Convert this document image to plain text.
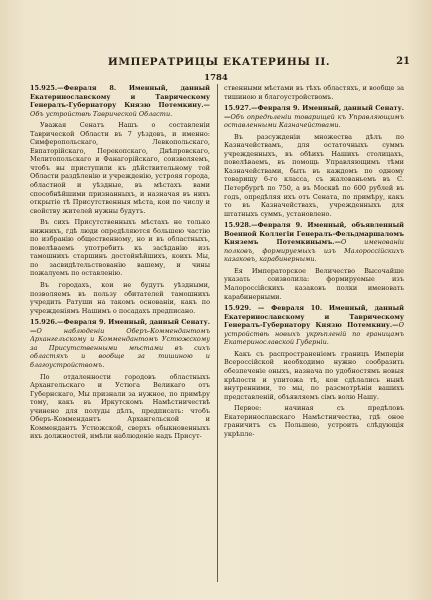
ИМПЕРАТРИЦЫ ЕКАТЕРИНЫ II.	21
1784

15.925.—Февраля 8. Именный, данный Екатеринославскому и Таврическому Генералъ-Губернатору Князю Потемкину.—Объ устройствѣ Таврической Области.

Уважая Сенатъ Нашъ о составленіи Таврической Области въ 7 уѣздовъ, и именно: Симферопольскаго, Левкопольскаго, Евпаторійскаго, Перекопскаго, Днѣпровскаго, Мелитопольскаго и Фанагорійскаго, соизволяемъ, чтобъ вы приступили къ дѣйствительному той Области раздѣленію и учрежденію, устрояя города, областной и уѣздные, въ мѣстахъ вами способнѣйшими признанныхъ, и назначая въ нихъ открытіе тѣ Присутственныя мѣста, кои по числу и свойству жителей нужны будутъ.

Въ сихъ Присутственныхъ мѣстахъ не только нижнихъ, гдѣ люди опредѣляются большею частію по избранію общественному, но и въ областныхъ, повелѣваемъ употребить къ засѣданію изъ тамошнихъ старшинъ достойнѣйшихъ, коихъ Мы, по засвидѣтельствованію вашему, и чины пожалуемъ по оставленію.

Въ городахъ, кои не будутъ уѣздными, позволяемъ въ пользу обитателей тамошнихъ учредить Ратуши на такомъ основаніи, какъ по учрежденіямъ Нашимъ о посадахъ предписано.

15.926.—Февраля 9. Именный, данный Сенату.—О наблюденіи Оберъ-Коммендантомъ Архангельскому и Коммендантомъ Устюжскому за Присутственными мѣстами въ сихъ областяхъ и вообще за тишиною и благоустройствомъ.

По отдаленности городовъ областныхъ Архангельскаго и Устюга Великаго отъ Губернскаго, Мы признали за нужное, по примѣру тому, какъ въ Иркутскомъ Намѣстничествѣ учинено для полуды дѣлъ, предписать: чтобъ Оберъ-Коммендантъ Архангельской и Коммендантъ Устюжской, сверхъ обыкновенныхъ ихъ должностей, имѣли наблюденіе надъ Присут-

ственными мѣстами въ тѣхъ областяхъ, и вообще за тишиною и благоустройствомъ.

15.927.—Февраля 9. Именный, данный Сенату.—Объ опредѣленіи товарищей къ Управляющимъ оставленными Казначействами.

Въ разсужденіи множества дѣлъ по Казначействамъ, для остаточныхъ суммъ учрежденныхъ, въ обѣихъ Нашихъ столицахъ, повелѣваемъ, въ помощь Управляющимъ тѣми Казначействами, быть въ каждомъ по одному товарищу 6-го класса, съ жалованьемъ въ С. Петербургѣ по 750, а въ Москвѣ по 600 рублей въ годъ, опредѣляя ихъ отъ Сената, по примѣру, какъ то въ Казначействахъ, учрежденныхъ для штатныхъ суммъ, установлено.

15.928.—Февраля 9. Именный, объявленный Военной Коллегіи Генералъ-Фельдмаршаломъ Княземъ Потемкинымъ.—О именованіи полковъ, формируемыхъ изъ Малороссійскихъ казаковъ, карабинерными.

Ея Императорское Величество Высочайше указать соизволила: формируемые изъ Малороссійскихъ казаковъ полки именовать карабинерными.

15.929. — Февраля 10. Именный, данный Екатеринославскому и Таврическому Генералъ-Губернатору Князю Потемкину.—О устройствѣ новыхъ укрѣпленій по границамъ Екатеринославской Губерніи.

Какъ съ распространеніемъ границъ Имперіи Всероссійской необходимо нужно сообразить обезпеченіе оныхъ, назнача по удобностямъ новыя крѣпости и упитожа тѣ, кои сдѣлались нынѣ внутренними, то мы, по разсмотрѣніи вашихъ представленій, объявляемъ сімъ волю Нашу.

Первое: начиная съ предѣловъ Екатеринославскаго Намѣстничества, гдѣ оное граничитъ съ Польшею, устроить слѣдующія укрѣпле-
